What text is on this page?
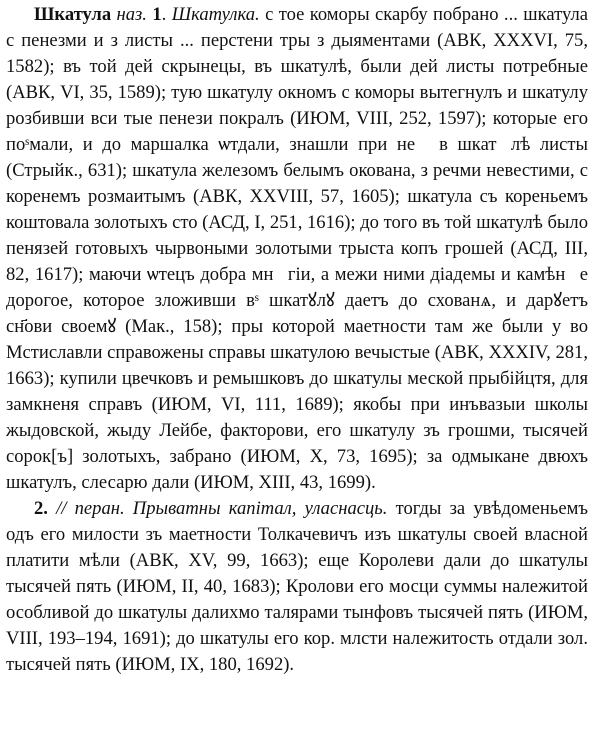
Шкатула наз. 1. Шкатулка. с тое коморы скарбу побрано ... шкатула с пенезми и з листы ... перстени тры з дыяментами (АВК, XXXVI, 75, 1582); въ той дей скрынецы, въ шкатулѣ, были дей листы потребные (АВК, VI, 35, 1589); тую шкатулу окномъ с коморы вытегнулъ и шкатулу розбивши вси тые пенези покралъ (ИЮМ, VIII, 252, 1597); которые его поˢмали, и до маршалка ѡтдали, знашли при неⷨ в шкатꙋлѣ листы (Стрыйк., 631); шкатула железомъ белымъ окована, з речми невестими, с коренемъ розмаитымъ (АВК, XXVIII, 57, 1605); шкатула съ кореньемъ коштовала золотыхъ сто (АСД, I, 251, 1616); до того въ той шкатулѣ было пенязей готовыхъ чырвоными золотыми трыста копъ грошей (АСД, III, 82, 1617); маючи ѡтецъ добра мнⷪгіи, а межи ними діадемы и камѣнⷭе дорогое, которое зложивши вˢ шкатꙋлꙋ даетъ до схованѧ, и дарꙋетъ сн҃ови своемꙋ (Мак., 158); пры которой маетности там же были у во Мстиславли справожены справы шкатулою вечыстые (АВК, XXXIV, 281, 1663); купили цвечковъ и ремышковъ до шкатулы меской прыбійцтя, для замкненя справъ (ИЮМ, VI, 111, 1689); якобы при инъвазыи школы жыдовской, жыду Лейбе, факторови, его шкатулу зъ грошми, тысячей сорок[ъ] золотыхъ, забрано (ИЮМ, X, 73, 1695); за одмыкане двюхъ шкатулъ, слесарю дали (ИЮМ, XIII, 43, 1699).

2. // перан. Прыватны капітал, уласнасць. тогды за увѣдоменьемъ одъ его милости зъ маетности Толкачевичъ изъ шкатулы своей власной платити мѣли (АВК, XV, 99, 1663); еще Королеви дали до шкатулы тысячей пять (ИЮМ, II, 40, 1683); Кролови его мосци суммы належитой особливой до шкатулы далихмо талярами тынфовъ тысячей пять (ИЮМ, VIII, 193–194, 1691); до шкатулы его кор. млсти належитость отдали зол. тысячей пять (ИЮМ, IX, 180, 1692).
